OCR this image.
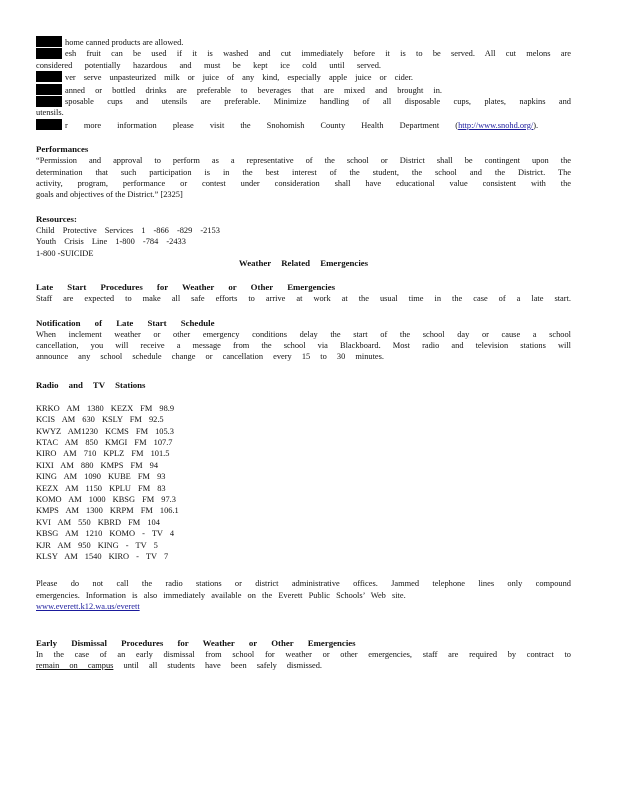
home canned products are allowed.

esh fruit can be used if it is washed and cut immediately before it is to be served. All cut melons are

considered potentially hazardous and must be kept ice cold until served.

ver serve unpasteurized milk or juice of any kind, especially apple juice or cider.

anned or bottled drinks are preferable to beverages that are mixed and brought in.

sposable cups and utensils are preferable. Minimize handling of all disposable cups, plates, napkins and

utensils.

r more information please visit the Snohomish County Health Department (http://www.snohd.org/).

Performances

“Permission and approval to perform as a representative of the school or District shall be contingent upon the

determination that such participation is in the best interest of the student, the school and the District. The

activity, program, performance or contest under consideration shall have educational value consistent with the

goals and objectives of the District.” [2325]

Resources:

Child Protective Services 1 -866 -829 -2153

Youth Crisis Line 1-800 -784 -2433

1-800 -SUICIDE

Weather Related Emergencies

Late Start Procedures for Weather or Other Emergencies

Staff are expected to make all safe efforts to arrive at work at the usual time in the case of a late start.

Notification of Late Start Schedule

When inclement weather or other emergency conditions delay the start of the school day or cause a school

cancellation, you will receive a message from the school via Blackboard. Most radio and television stations will

announce any school schedule change or cancellation every 15 to 30 minutes.

Radio and TV Stations

KRKO AM 1380 KEZX FM 98.9

KCIS AM 630 KSLY FM 92.5

KWYZ AM1230 KCMS FM 105.3

KTAC AM 850 KMGI FM 107.7

KIRO AM 710 KPLZ FM 101.5

KIXI AM 880 KMPS FM 94

KING AM 1090 KUBE FM 93

KEZX AM 1150 KPLU FM 83

KOMO AM 1000 KBSG FM 97.3

KMPS AM 1300 KRPM FM 106.1

KVI AM 550 KBRD FM 104

KBSG AM 1210 KOMO - TV 4

KJR AM 950 KING - TV 5

KLSY AM 1540 KIRO - TV 7

Please do not call the radio stations or district administrative offices. Jammed telephone lines only compound

emergencies. Information is also immediately available on the Everett Public Schools’ Web site.

www.everett.k12.wa.us/everett

Early Dismissal Procedures for Weather or Other Emergencies

In the case of an early dismissal from school for weather or other emergencies, staff are required by contract to

remain on campus until all students have been safely dismissed.
